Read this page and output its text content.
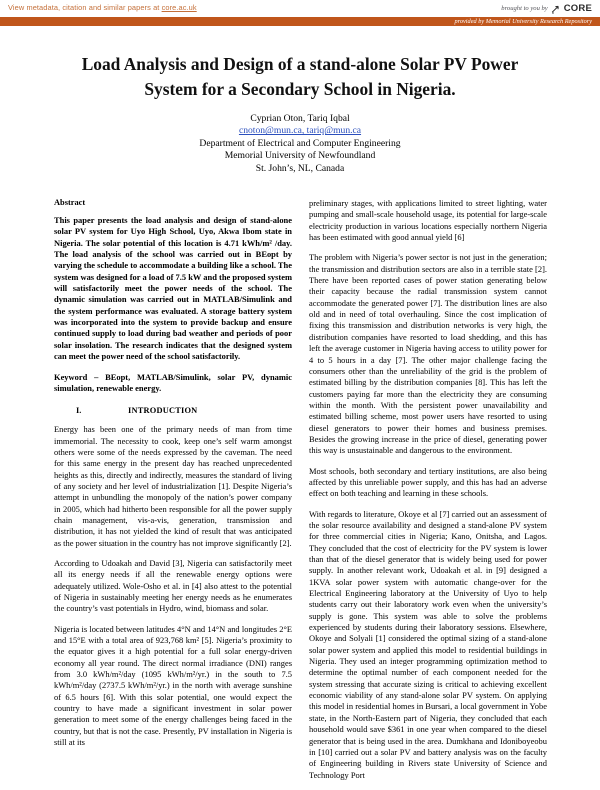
View metadata, citation and similar papers at core.ac.uk	brought to you by
▲ CORE
provided by Memorial University Research Repository
Load Analysis and Design of a stand-alone Solar PV Power System for a Secondary School in Nigeria.
Cyprian Oton, Tariq Iqbal
cnoton@mun.ca, tariq@mun.ca
Department of Electrical and Computer Engineering
Memorial University of Newfoundland
St. John’s, NL, Canada
Abstract

This paper presents the load analysis and design of stand-alone solar PV system for Uyo High School, Uyo, Akwa Ibom state in Nigeria. The solar potential of this location is 4.71 kWh/m² /day. The load analysis of the school was carried out in BEopt by varying the schedule to accommodate a building like a school. The system was designed for a load of 7.5 kW and the proposed system will satisfactorily meet the power needs of the school. The dynamic simulation was carried out in MATLAB/Simulink and the system performance was evaluated. A storage battery system was incorporated into the system to provide backup and ensure continued supply to load during bad weather and periods of poor solar insolation. The research indicates that the designed system can meet the power need of the school satisfactorily.

Keyword – BEopt, MATLAB/Simulink, solar PV, dynamic simulation, renewable energy.

I.	INTRODUCTION

Energy has been one of the primary needs of man from time immemorial. The necessity to cook, keep one’s self warm amongst others were some of the needs expressed by the caveman. The need for this same energy in the present day has reached unprecedented heights as this, directly and indirectly, measures the standard of living of any society and her level of industrialization [1]. Despite Nigeria’s attempt in unbundling the monopoly of the nation’s power company in 2005, which had hitherto been responsible for all the power supply chain management, vis-a-vis, generation, transmission and distribution, it has not yielded the kind of result that was anticipated as the power situation in the country has not improve significantly [2].

According to Udoakah and David [3], Nigeria can satisfactorily meet all its energy needs if all the renewable energy options were adequately utilized. Wole-Osho et al. in [4] also attest to the potential of Nigeria in sustainably meeting her energy needs as he enumerates the country’s vast potentials in Hydro, wind, biomass and solar.

Nigeria is located between latitudes 4°N and 14°N and longitudes 2°E and 15°E with a total area of 923,768 km² [5]. Nigeria’s proximity to the equator gives it a high potential for a full solar energy-driven economy all year round. The direct normal irradiance (DNI) ranges from 3.0 kWh/m²/day (1095 kWh/m²/yr.) in the south to 7.5 kWh/m²/day (2737.5 kWh/m²/yr.) in the north with average sunshine of 6.5 hours [6]. With this solar potential, one would expect the country to have made a significant investment in solar power generation to meet some of the energy challenges being faced in the country, but that is not the case. Presently, PV installation in Nigeria is still at its

preliminary stages, with applications limited to street lighting, water pumping and small-scale household usage, its potential for large-scale electricity production in various locations especially northern Nigeria has been estimated with good annual yield [6]

The problem with Nigeria’s power sector is not just in the generation; the transmission and distribution sectors are also in a terrible state [2]. There have been reported cases of power station generating below their capacity because the radial transmission system cannot accommodate the generated power [7]. The distribution lines are also old and in need of total overhauling. Since the cost implication of fixing this transmission and distribution networks is very high, the distribution companies have resorted to load shedding, and this has left the average customer in Nigeria having access to utility power for 4 to 5 hours in a day [7]. The other major challenge facing the consumers other than the unreliability of the grid is the problem of estimated billing by the distribution companies [8]. This has left the customers paying far more than the electricity they are consuming within the month. With the persistent power unavailability and estimated billing scheme, most power users have resorted to using diesel generators to power their homes and business premises. Besides the growing increase in the price of diesel, generating power this way is unsustainable and dangerous to the environment.

Most schools, both secondary and tertiary institutions, are also being affected by this unreliable power supply, and this has had an adverse effect on both teaching and learning in these schools.

With regards to literature, Okoye et al [7] carried out an assessment of the solar resource availability and designed a stand-alone PV system for three commercial cities in Nigeria; Kano, Onitsha, and Lagos. They concluded that the cost of electricity for the PV system is lower than that of the diesel generator that is widely being used for power supply. In another relevant work, Udoakah et al. in [9] designed a 1KVA solar power system with automatic change-over for the Electrical Engineering laboratory at the University of Uyo to help students carry out their laboratory work even when the university’s supply is gone. This system was able to solve the problems experienced by students during their laboratory sessions. Elsewhere, Okoye and Solyali [1] considered the optimal sizing of a stand-alone solar power system and applied this model to residential buildings in Nigeria. They used an integer programming optimization method to determine the optimal number of each component needed for the system stressing that accurate sizing is critical to achieving excellent economic viability of any stand-alone solar PV system. On applying this model in residential homes in Bursari, a local government in Yobe state, in the North-Eastern part of Nigeria, they concluded that each household would save $361 in one year when compared to the diesel generator that is being used in the area. Dumkhana and Idoniboyeobu in [10] carried out a solar PV and battery analysis was on the faculty of Engineering building in Rivers state University of Science and Technology Port
